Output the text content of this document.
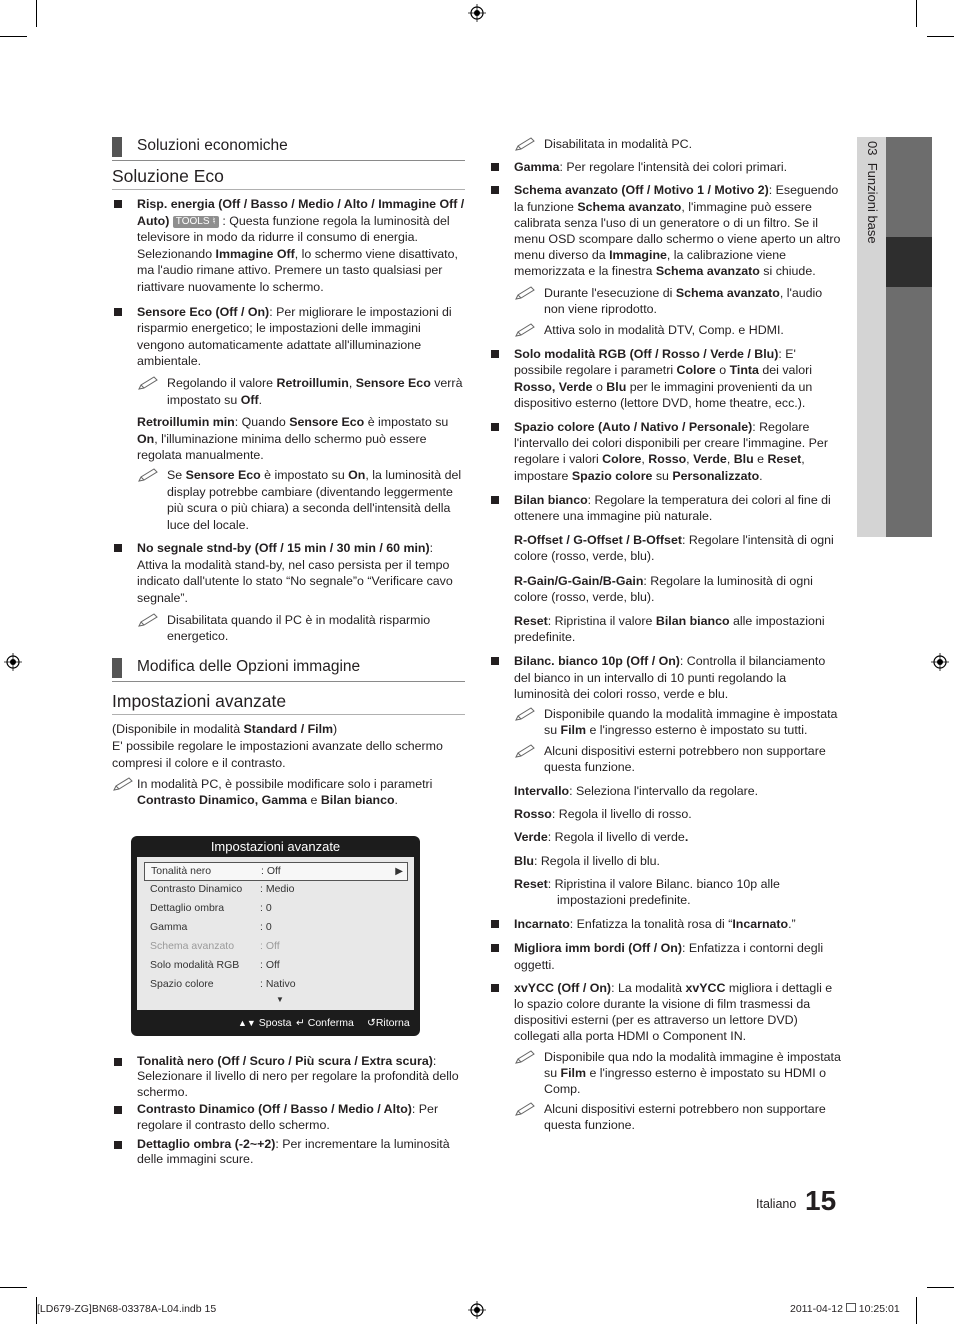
03  Funzioni base
Soluzioni economiche
Soluzione Eco

Risp. energia (Off / Basso / Medio / Alto / Immagine Off / Auto) TOOLS ♮ : Questa funzione regola la luminosità del televisore in modo da ridurre il consumo di energia. Selezionando Immagine Off, lo schermo viene disattivato, ma l'audio rimane attivo. Premere un tasto qualsiasi per riattivare nuovamente lo schermo.

Sensore Eco (Off / On): Per migliorare le impostazioni di risparmio energetico; le impostazioni delle immagini vengono automaticamente adattate all'illuminazione ambientale.

Regolando il valore Retroillumin, Sensore Eco verrà impostato su Off.

Retroillumin min: Quando Sensore Eco è impostato su On, l'illuminazione minima dello schermo può essere regolata manualmente.

Se Sensore Eco è impostato su On, la luminosità del display potrebbe cambiare (diventando leggermente più scura o più chiara) a seconda dell'intensità della luce del locale.

No segnale stnd-by (Off / 15 min / 30 min / 60 min): Attiva la modalità stand-by, nel caso persista per il tempo indicato dall'utente lo stato “No segnale”o “Verificare cavo segnale”.

Disabilitata quando il PC è in modalità risparmio energetico.

Modifica delle Opzioni immagine
Impostazioni avanzate

(Disponibile in modalità Standard / Film)

E' possibile regolare le impostazioni avanzate dello schermo compresi il colore e il contrasto.

In modalità PC, è possibile modificare solo i parametri Contrasto Dinamico, Gamma e Bilan bianco.

Impostazioni avanzate
Tonalità nero	: Off	▶
Contrasto Dinamico : Medio
Dettaglio ombra	: 0
Gamma	: 0
Schema avanzato : Off
Solo modalità RGB : Off
Spazio colore	: Nativo
▼
▲▼ Sposta ↵ Conferma ↺Ritorna

Tonalità nero (Off / Scuro / Più scura / Extra scura): Selezionare il livello di nero per regolare la profondità dello schermo.

Contrasto Dinamico (Off / Basso / Medio / Alto): Per regolare il contrasto dello schermo.

Dettaglio ombra (-2~+2): Per incrementare la luminosità delle immagini scure.

Disabilitata in modalità PC.

Gamma: Per regolare l'intensità dei colori primari.

Schema avanzato (Off / Motivo 1 / Motivo 2): Eseguendo la funzione Schema avanzato, l'immagine può essere calibrata senza l'uso di un generatore o di un filtro. Se il menu OSD scompare dallo schermo o viene aperto un altro menu diverso da Immagine, la calibrazione viene memorizzata e la finestra Schema avanzato si chiude.

Durante l'esecuzione di Schema avanzato, l'audio non viene riprodotto.

Attiva solo in modalità DTV, Comp. e HDMI.

Solo modalità RGB (Off / Rosso / Verde / Blu): E' possibile regolare i parametri Colore o Tinta dei valori Rosso, Verde o Blu per le immagini provenienti da un dispositivo esterno (lettore DVD, home theatre, ecc.).

Spazio colore (Auto / Nativo / Personale): Regolare l'intervallo dei colori disponibili per creare l'immagine. Per regolare i valori Colore, Rosso, Verde, Blu e Reset, impostare Spazio colore su Personalizzato.

Bilan bianco: Regolare la temperatura dei colori al fine di ottenere una immagine più naturale.

R-Offset / G-Offset / B-Offset: Regolare l'intensità di ogni colore (rosso, verde, blu).

R-Gain/G-Gain/B-Gain: Regolare la luminosità di ogni colore (rosso, verde, blu).

Reset: Ripristina il valore Bilan bianco alle impostazioni predefinite.

Bilanc. bianco 10p (Off / On): Controlla il bilanciamento del bianco in un intervallo di 10 punti regolando la luminosità dei colori rosso, verde e blu.

Disponibile quando la modalità immagine è impostata su Film e l'ingresso esterno è impostato su tutti.

Alcuni dispositivi esterni potrebbero non supportare questa funzione.

Intervallo: Seleziona l'intervallo da regolare.

Rosso: Regola il livello di rosso.

Verde: Regola il livello di verde.

Blu: Regola il livello di blu.

Reset: Ripristina il valore Bilanc. bianco 10p alle impostazioni predefinite.

Incarnato: Enfatizza la tonalità rosa di “Incarnato.”

Migliora imm bordi (Off / On): Enfatizza i contorni degli oggetti.

xvYCC (Off / On): La modalità xvYCC migliora i dettagli e lo spazio colore durante la visione di film trasmessi da dispositivi esterni (per es attraverso un lettore DVD) collegati alla porta HDMI o Component IN.

Disponibile qua ndo la modalità immagine è impostata su Film e l'ingresso esterno è impostato su HDMI o Comp.

Alcuni dispositivi esterni potrebbero non supportare questa funzione.

Italiano 15
[LD679-ZG]BN68-03378A-L04.indb 15	2011-04-12 10:25:01
